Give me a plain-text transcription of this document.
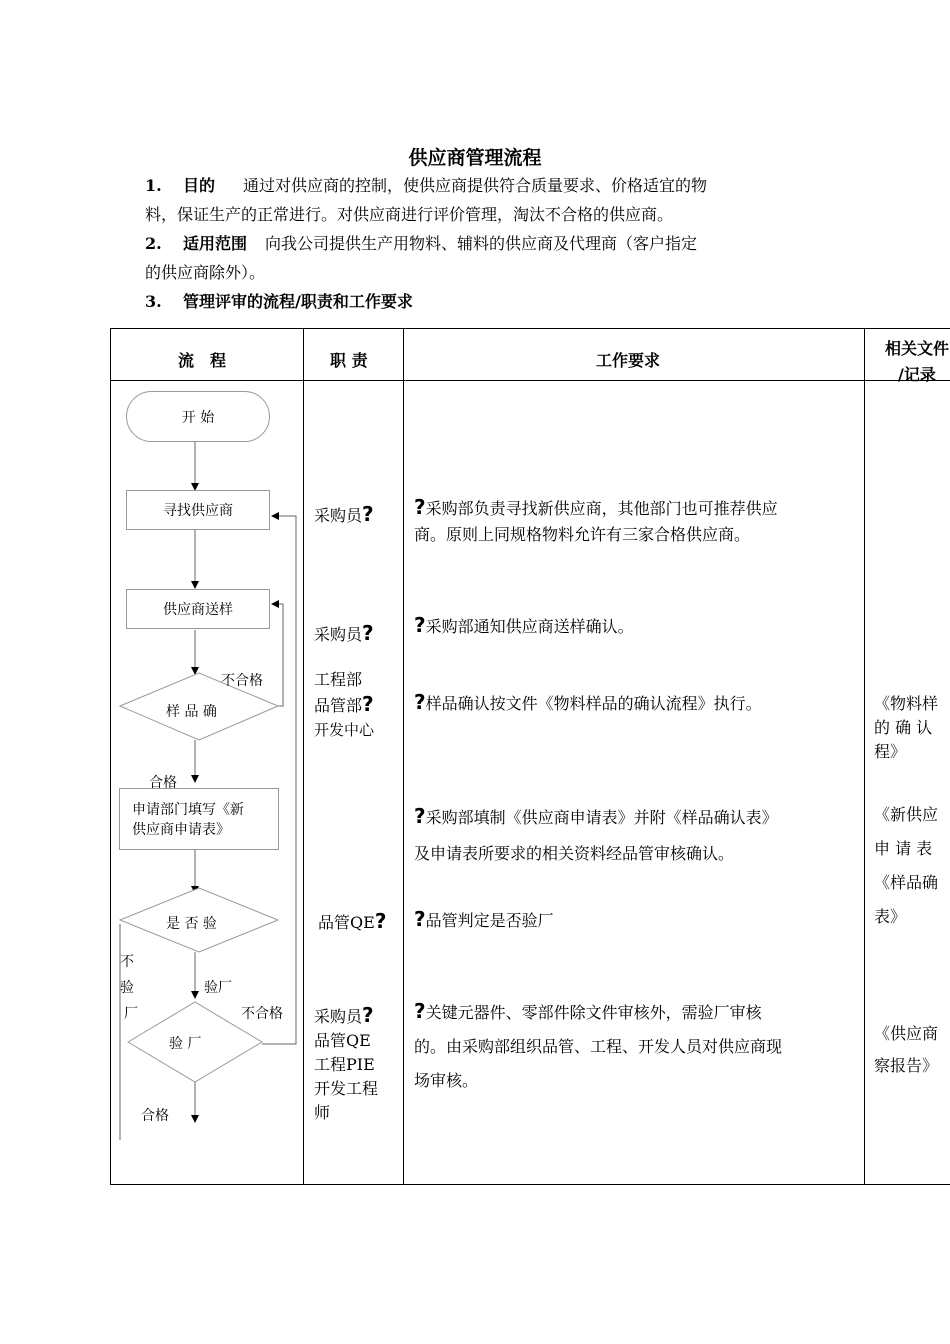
供应商管理流程
1. 目的 通过对供应商的控制，使供应商提供符合质量要求、价格适宜的物
料，保证生产的正常进行。对供应商进行评价管理，淘汰不合格的供应商。
2. 适用范围 向我公司提供生产用物料、辅料的供应商及代理商（客户指定
的供应商除外）。
3. 管理评审的流程/职责和工作要求
流　程	职 责	工作要求
相关文件
/记录
开 始
寻找供应商
供应商送样
申请部门填写《新
供应商申请表》
样 品 确
不合格
合格
是 否 验
不
验
厂
验厂
验 厂
不合格
合格
采购员?
采购员?
工程部
品管部?
开发中心
品管QE?
采购员?
品管QE
工程PIE
开发工程
师
?采购部负责寻找新供应商，其他部门也可推荐供应
商。原则上同规格物料允许有三家合格供应商。
?采购部通知供应商送样确认。
?样品确认按文件《物料样品的确认流程》执行。
?采购部填制《供应商申请表》并附《样品确认表》
及申请表所要求的相关资料经品管审核确认。
?品管判定是否验厂
?关键元器件、零部件除文件审核外，需验厂审核
的。由采购部组织品管、工程、开发人员对供应商现
场审核。
《物料样
的 确 认
程》
《新供应
申 请 表
《样品确
表》
《供应商
察报告》
